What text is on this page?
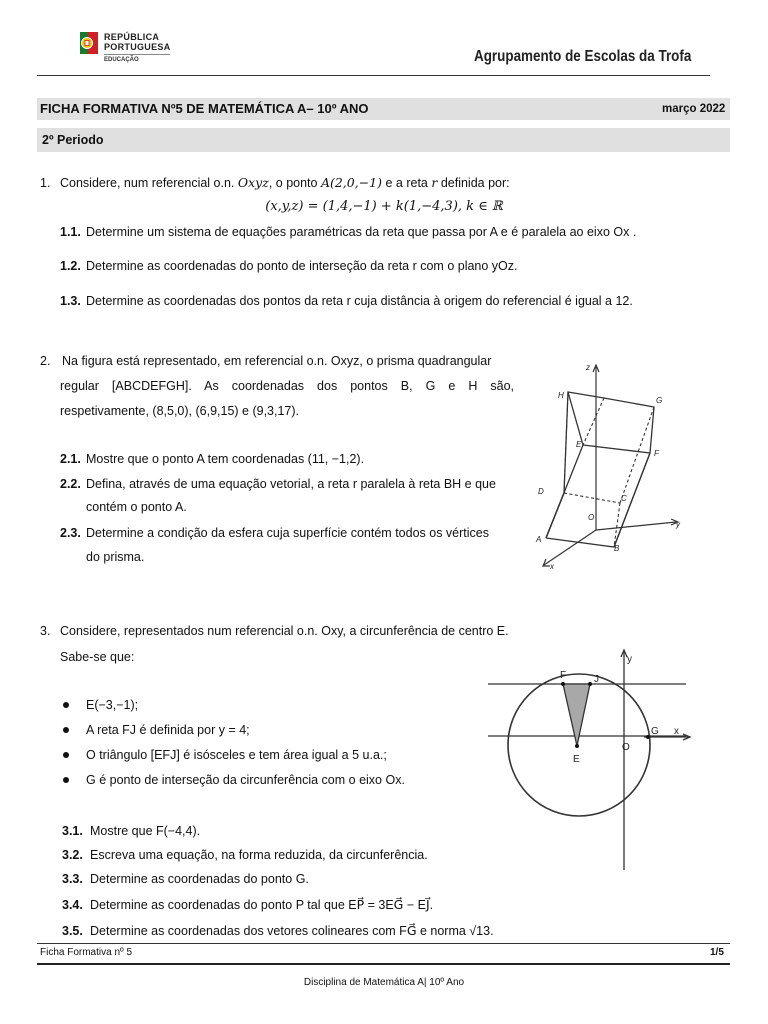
REPÚBLICA
PORTUGUESA
EDUCAÇÃO	Agrupamento de Escolas da Trofa
FICHA FORMATIVA Nº5 DE MATEMÁTICA A– 10º ANO	março 2022
2º Periodo
1. Considere, num referencial o.n. Oxyz, o ponto A(2,0,−1) e a reta r definida por:
(x,y,z) = (1,4,−1) + k(1,−4,3), k ∈ ℝ
1.1. Determine um sistema de equações paramétricas da reta que passa por A e é paralela ao eixo Ox .
1.2. Determine as coordenadas do ponto de interseção da reta r com o plano yOz.
1.3. Determine as coordenadas dos pontos da reta r cuja distância à origem do referencial é igual a 12.
2. Na figura está representado, em referencial o.n. Oxyz, o prisma quadrangular
regular [ABCDEFGH]. As coordenadas dos pontos B, G e H são,
respetivamente, (8,5,0), (6,9,15) e (9,3,17).
2.1. Mostre que o ponto A tem coordenadas (11, −1,2).
2.2. Defina, através de uma equação vetorial, a reta r paralela à reta BH e que
contém o ponto A.
2.3. Determine a condição da esfera cuja superfície contém todos os vértices
do prisma.
z
y
x
O
A
B
C
D
E
F
G
H
3. Considere, representados num referencial o.n. Oxy, a circunferência de centro E.
Sabe-se que:
E(−3,−1);
A reta FJ é definida por y = 4;
O triângulo [EFJ] é isósceles e tem área igual a 5 u.a.;
G é ponto de interseção da circunferência com o eixo Ox.
3.1. Mostre que F(−4,4).
3.2. Escreva uma equação, na forma reduzida, da circunferência.
3.3. Determine as coordenadas do ponto G.
3.4. Determine as coordenadas do ponto P tal que EP⃗ = 3EG⃗ − EJ⃗.
3.5. Determine as coordenadas dos vetores colineares com FG⃗ e norma √13.
F	J
y
G x
O
E
Ficha Formativa nº 5	1/5
Disciplina de Matemática A| 10º Ano
